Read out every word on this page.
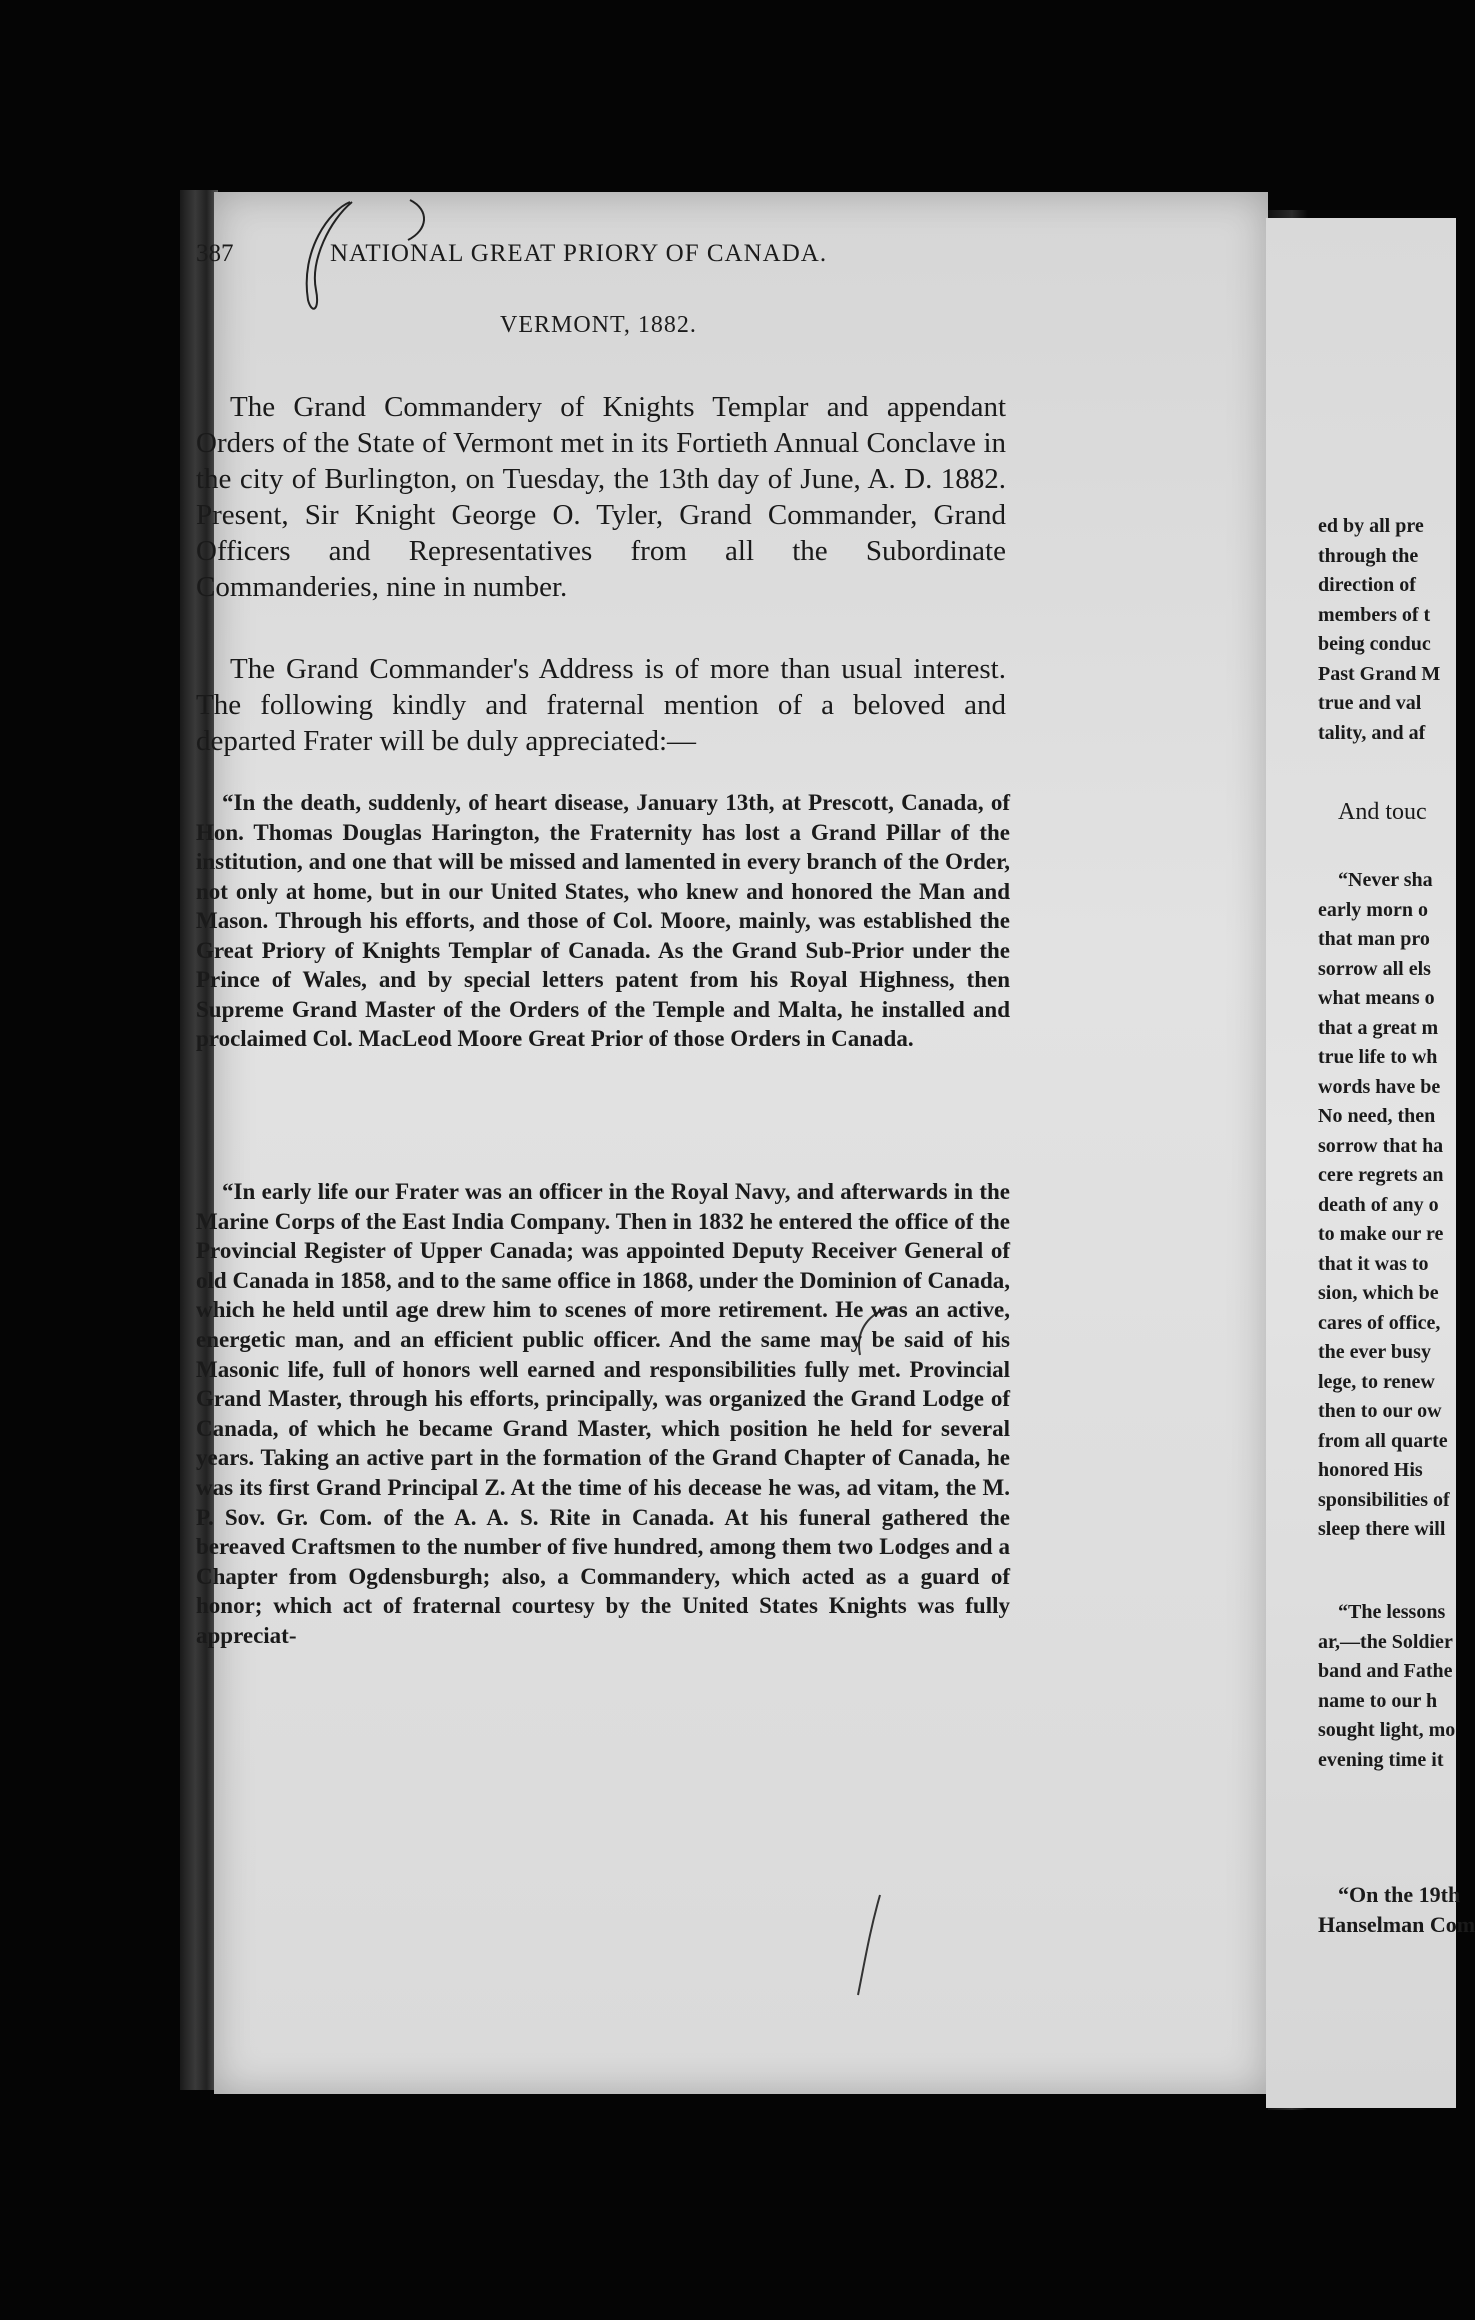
387	NATIONAL GREAT PRIORY OF CANADA.
VERMONT, 1882.

The Grand Commandery of Knights Templar and appendant Orders of the State of Vermont met in its Fortieth Annual Conclave in the city of Burlington, on Tuesday, the 13th day of June, A. D. 1882. Present, Sir Knight George O. Tyler, Grand Commander, Grand Officers and Representatives from all the Subordinate Commanderies, nine in number.

The Grand Commander's Address is of more than usual interest. The following kindly and fraternal mention of a beloved and departed Frater will be duly appreciated:—

“In the death, suddenly, of heart disease, January 13th, at Prescott, Canada, of Hon. Thomas Douglas Harington, the Fraternity has lost a Grand Pillar of the institution, and one that will be missed and lamented in every branch of the Order, not only at home, but in our United States, who knew and honored the Man and Mason. Through his efforts, and those of Col. Moore, mainly, was established the Great Priory of Knights Templar of Canada. As the Grand Sub-Prior under the Prince of Wales, and by special letters patent from his Royal Highness, then Supreme Grand Master of the Orders of the Temple and Malta, he installed and proclaimed Col. MacLeod Moore Great Prior of those Orders in Canada.

“In early life our Frater was an officer in the Royal Navy, and afterwards in the Marine Corps of the East India Company. Then in 1832 he entered the office of the Provincial Register of Upper Canada; was appointed Deputy Receiver General of old Canada in 1858, and to the same office in 1868, under the Dominion of Canada, which he held until age drew him to scenes of more retirement. He was an active, energetic man, and an efficient public officer. And the same may be said of his Masonic life, full of honors well earned and responsibilities fully met. Provincial Grand Master, through his efforts, principally, was organized the Grand Lodge of Canada, of which he became Grand Master, which position he held for several years. Taking an active part in the formation of the Grand Chapter of Canada, he was its first Grand Principal Z. At the time of his decease he was, ad vitam, the M. P. Sov. Gr. Com. of the A. A. S. Rite in Canada. At his funeral gathered the bereaved Craftsmen to the number of five hundred, among them two Lodges and a Chapter from Ogdensburgh; also, a Commandery, which acted as a guard of honor; which act of fraternal courtesy by the United States Knights was fully appreciat-

ed by all pre
through the
direction of
members of t
being conduc
Past Grand M
true and val
tality, and af
And touc
“Never sha
early morn o
that man pro
sorrow all els
what means o
that a great m
true life to wh
words have be
No need, then
sorrow that ha
cere regrets an
death of any o
to make our re
that it was to
sion, which be
cares of office,
the ever busy
lege, to renew
then to our ow
from all quarte
honored His
sponsibilities of
sleep there will
“The lessons
ar,—the Soldier
band and Fathe
name to our h
sought light, mo
evening time it
“On the 19th
Hanselman Com
